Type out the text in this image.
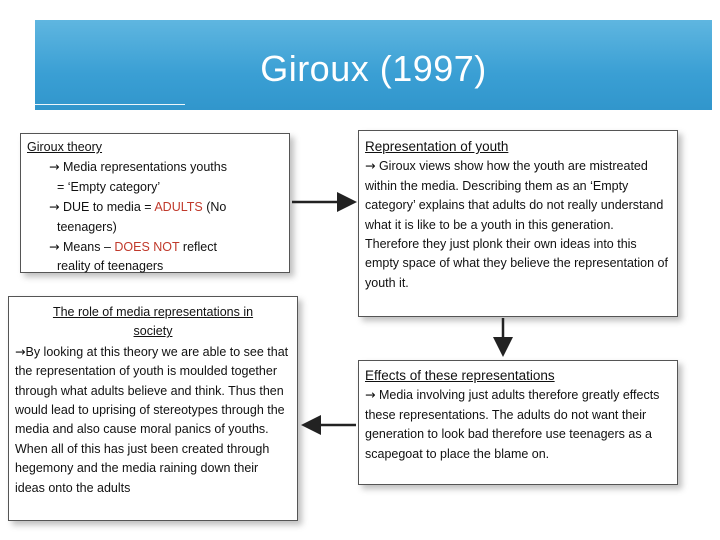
Giroux (1997)
Giroux theory
→ Media representations youths
= ‘Empty category’
→ DUE to media = ADULTS (No
teenagers)
→ Means – DOES NOT reflect
reality of teenagers
The role of media representations in
society
→By looking at this theory we are able to see that the representation of youth is moulded together through what adults believe and think. Thus then would lead to uprising of stereotypes through the media and also cause moral panics of youths. When all of this has just been created through hegemony and the media raining down their ideas onto the adults
Representation of youth
→ Giroux views show how the youth are mistreated within the media. Describing them as an ‘Empty category’ explains that adults do not really understand what it is like to be a youth in this generation. Therefore they just plonk their own ideas into this empty space of what they believe the representation of youth it.
Effects of these representations
→ Media involving just adults therefore greatly effects these representations. The adults do not want their generation to look bad therefore use teenagers as a scapegoat to place the blame on.
